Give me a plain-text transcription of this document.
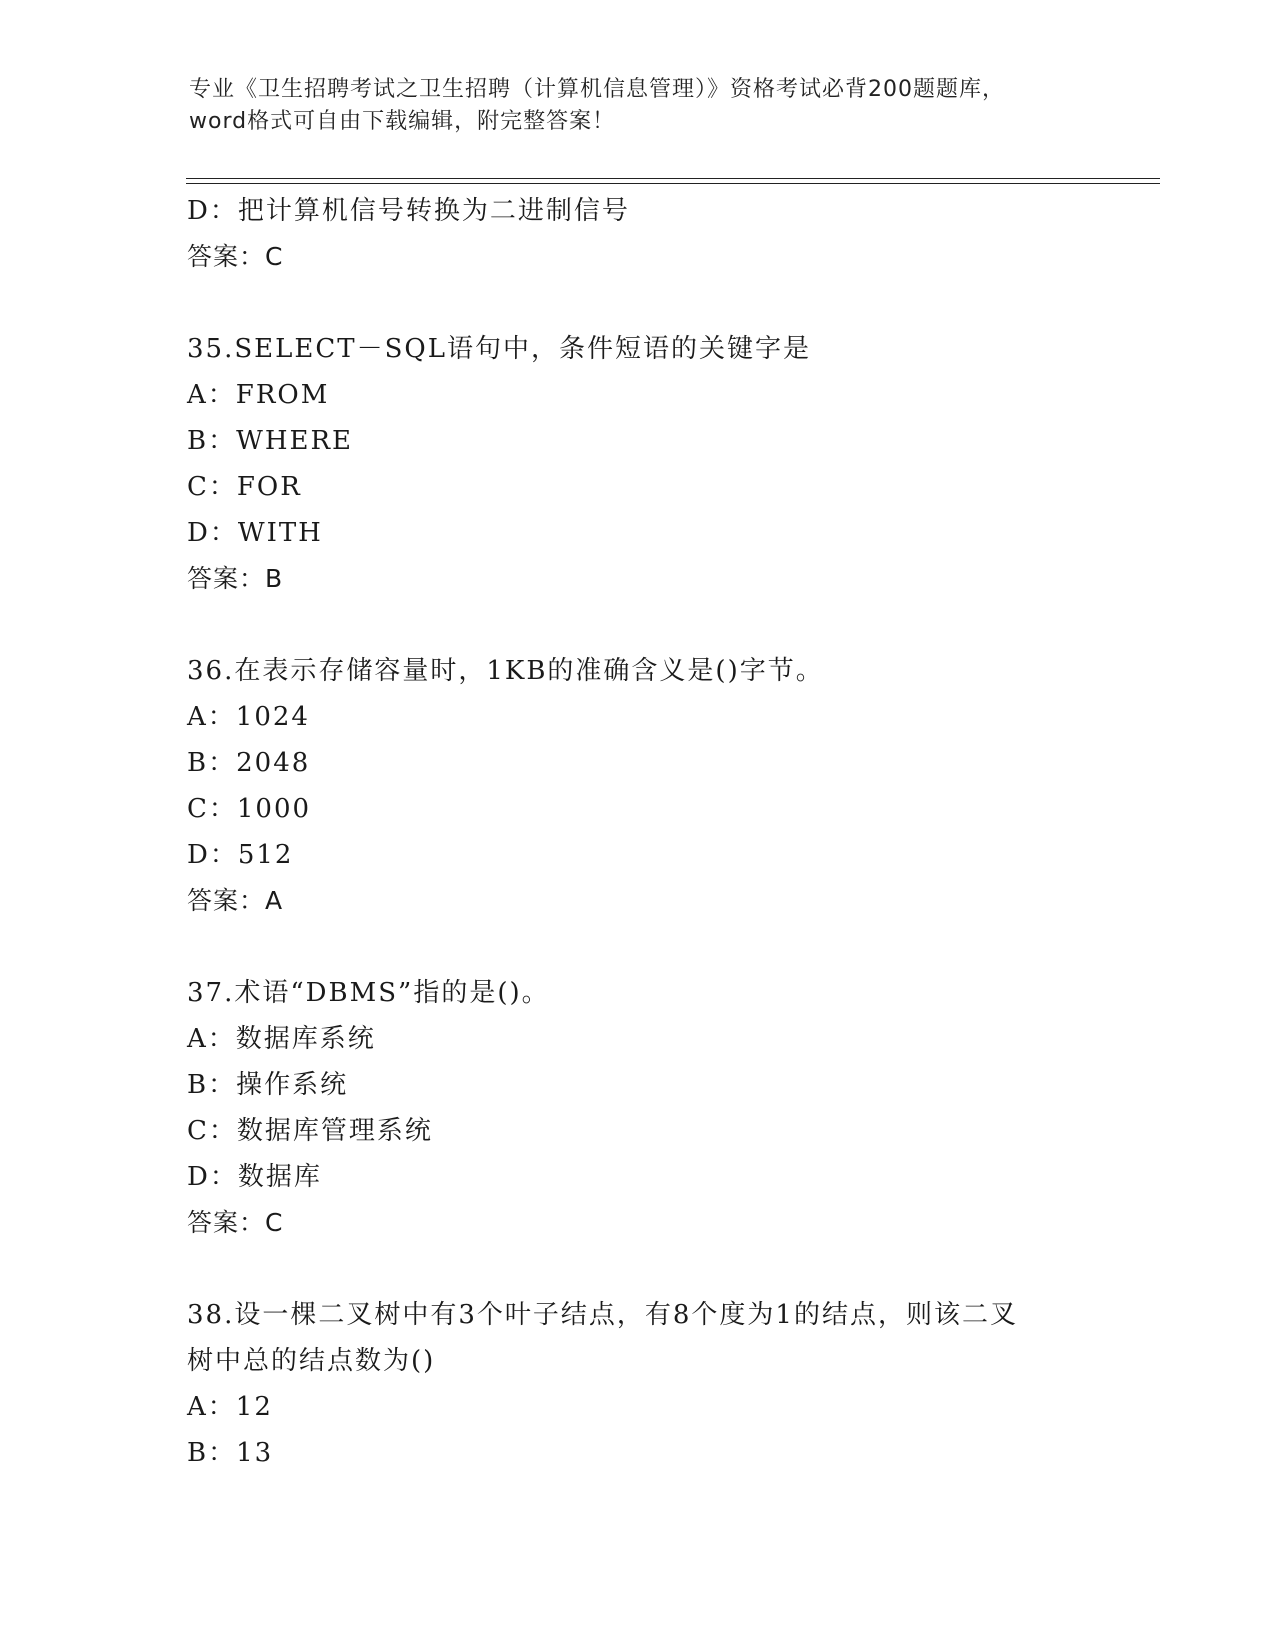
专业《卫生招聘考试之卫生招聘（计算机信息管理）》资格考试必背200题题库，
word格式可自由下载编辑，附完整答案！
D：把计算机信号转换为二进制信号
答案：C
35.SELECT－SQL语句中，条件短语的关键字是
A：FROM
B：WHERE
C：FOR
D：WITH
答案：B
36.在表示存储容量时，1KB的准确含义是()字节。
A：1024
B：2048
C：1000
D：512
答案：A
37.术语“DBMS”指的是()。
A：数据库系统
B：操作系统
C：数据库管理系统
D：数据库
答案：C
38.设一棵二叉树中有3个叶子结点，有8个度为1的结点，则该二叉
树中总的结点数为()
A：12
B：13
